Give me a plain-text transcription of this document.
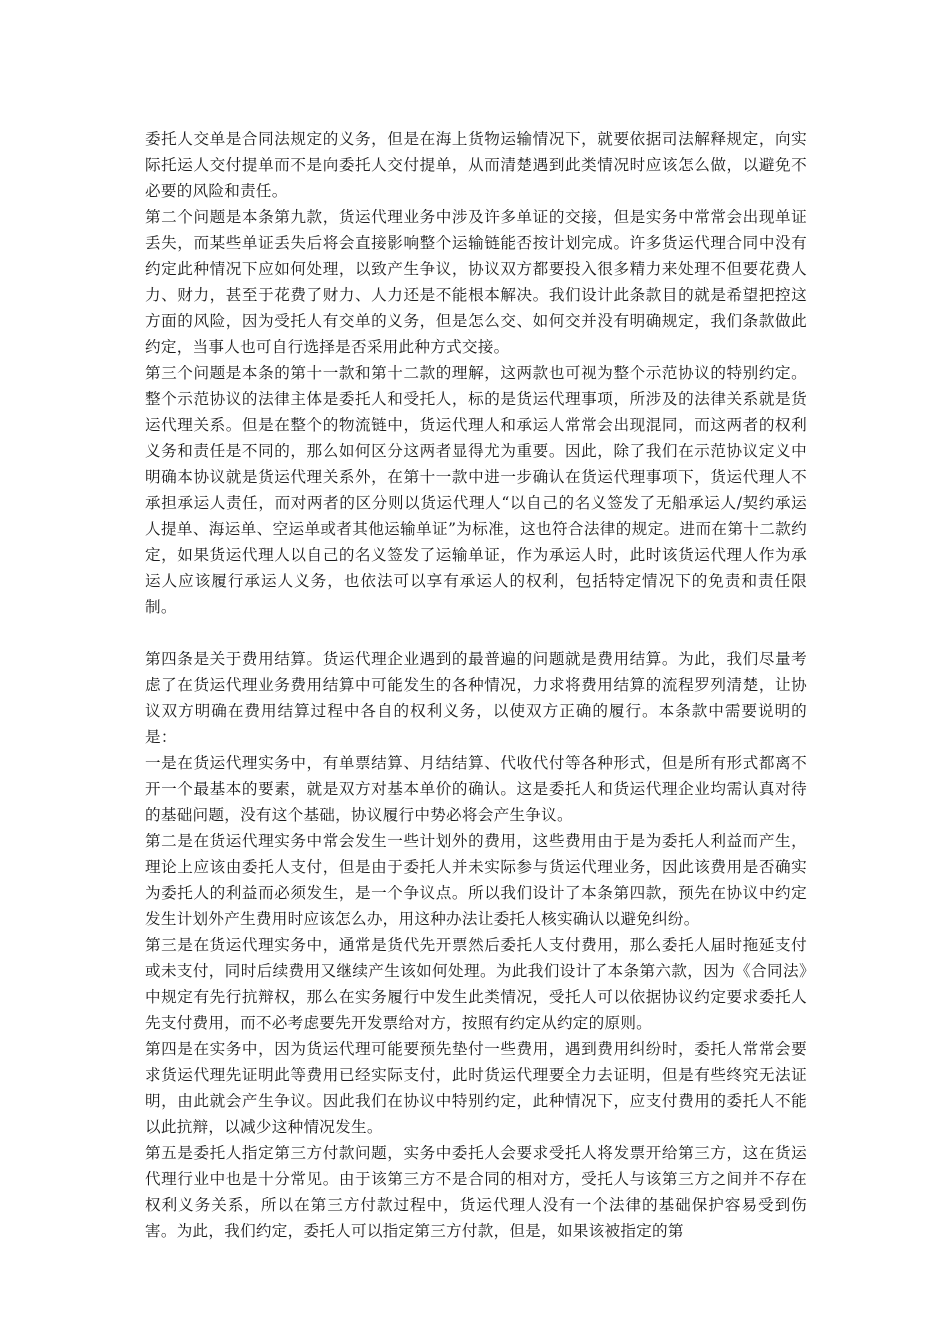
委托人交单是合同法规定的义务，但是在海上货物运输情况下，就要依据司法解释规定，向实际托运人交付提单而不是向委托人交付提单，从而清楚遇到此类情况时应该怎么做，以避免不必要的风险和责任。

第二个问题是本条第九款，货运代理业务中涉及许多单证的交接，但是实务中常常会出现单证丢失，而某些单证丢失后将会直接影响整个运输链能否按计划完成。许多货运代理合同中没有约定此种情况下应如何处理，以致产生争议，协议双方都要投入很多精力来处理不但要花费人力、财力，甚至于花费了财力、人力还是不能根本解决。我们设计此条款目的就是希望把控这方面的风险，因为受托人有交单的义务，但是怎么交、如何交并没有明确规定，我们条款做此约定，当事人也可自行选择是否采用此种方式交接。

第三个问题是本条的第十一款和第十二款的理解，这两款也可视为整个示范协议的特别约定。整个示范协议的法律主体是委托人和受托人，标的是货运代理事项，所涉及的法律关系就是货运代理关系。但是在整个的物流链中，货运代理人和承运人常常会出现混同，而这两者的权利义务和责任是不同的，那么如何区分这两者显得尤为重要。因此，除了我们在示范协议定义中明确本协议就是货运代理关系外，在第十一款中进一步确认在货运代理事项下，货运代理人不承担承运人责任，而对两者的区分则以货运代理人“以自己的名义签发了无船承运人/契约承运人提单、海运单、空运单或者其他运输单证”为标准，这也符合法律的规定。进而在第十二款约定，如果货运代理人以自己的名义签发了运输单证，作为承运人时，此时该货运代理人作为承运人应该履行承运人义务，也依法可以享有承运人的权利，包括特定情况下的免责和责任限制。

第四条是关于费用结算。货运代理企业遇到的最普遍的问题就是费用结算。为此，我们尽量考虑了在货运代理业务费用结算中可能发生的各种情况，力求将费用结算的流程罗列清楚，让协议双方明确在费用结算过程中各自的权利义务，以使双方正确的履行。本条款中需要说明的是：

一是在货运代理实务中，有单票结算、月结结算、代收代付等各种形式，但是所有形式都离不开一个最基本的要素，就是双方对基本单价的确认。这是委托人和货运代理企业均需认真对待的基础问题，没有这个基础，协议履行中势必将会产生争议。

第二是在货运代理实务中常会发生一些计划外的费用，这些费用由于是为委托人利益而产生，理论上应该由委托人支付，但是由于委托人并未实际参与货运代理业务，因此该费用是否确实为委托人的利益而必须发生，是一个争议点。所以我们设计了本条第四款，预先在协议中约定发生计划外产生费用时应该怎么办，用这种办法让委托人核实确认以避免纠纷。

第三是在货运代理实务中，通常是货代先开票然后委托人支付费用，那么委托人届时拖延支付或未支付，同时后续费用又继续产生该如何处理。为此我们设计了本条第六款，因为《合同法》中规定有先行抗辩权，那么在实务履行中发生此类情况，受托人可以依据协议约定要求委托人先支付费用，而不必考虑要先开发票给对方，按照有约定从约定的原则。

第四是在实务中，因为货运代理可能要预先垫付一些费用，遇到费用纠纷时，委托人常常会要求货运代理先证明此等费用已经实际支付，此时货运代理要全力去证明，但是有些终究无法证明，由此就会产生争议。因此我们在协议中特别约定，此种情况下，应支付费用的委托人不能以此抗辩，以减少这种情况发生。

第五是委托人指定第三方付款问题，实务中委托人会要求受托人将发票开给第三方，这在货运代理行业中也是十分常见。由于该第三方不是合同的相对方，受托人与该第三方之间并不存在权利义务关系，所以在第三方付款过程中，货运代理人没有一个法律的基础保护容易受到伤害。为此，我们约定，委托人可以指定第三方付款，但是，如果该被指定的第
